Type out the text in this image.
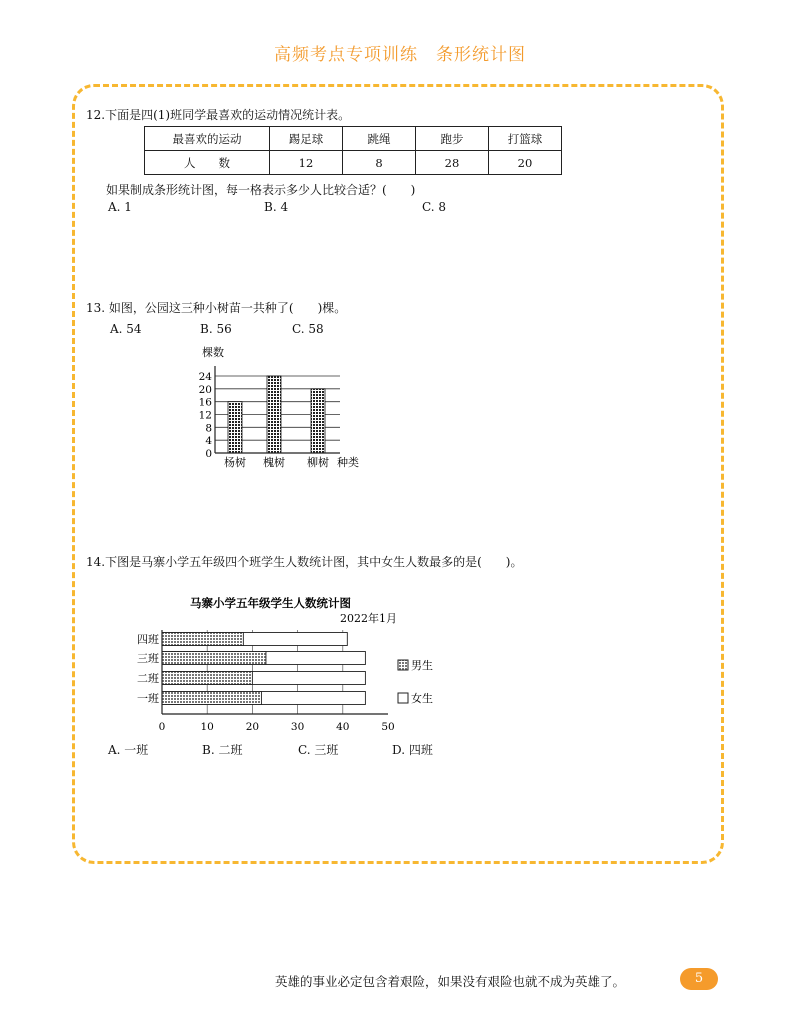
高频考点专项训练　条形统计图
12.下面是四(1)班同学最喜欢的运动情况统计表。
最喜欢的运动	踢足球	跳绳	跑步	打篮球
人　　数	12	8	28	20
如果制成条形统计图，每一格表示多少人比较合适？(　　)
A. 1	B. 4	C. 8
13. 如图，公园这三种小树苗一共种了(　　)棵。
A. 54	B. 56	C. 58
棵数
0
4
8
12
16
20
24
杨树 槐树 柳树 种类
14.下图是马寨小学五年级四个班学生人数统计图，其中女生人数最多的是(　　)。
马寨小学五年级学生人数统计图
2022年1月
四班
三班
二班
一班
0	10	20	30	40	50
男生
女生
A. 一班	B. 二班	C. 三班	D. 四班
英雄的事业必定包含着艰险，如果没有艰险也就不成为英雄了。	5
